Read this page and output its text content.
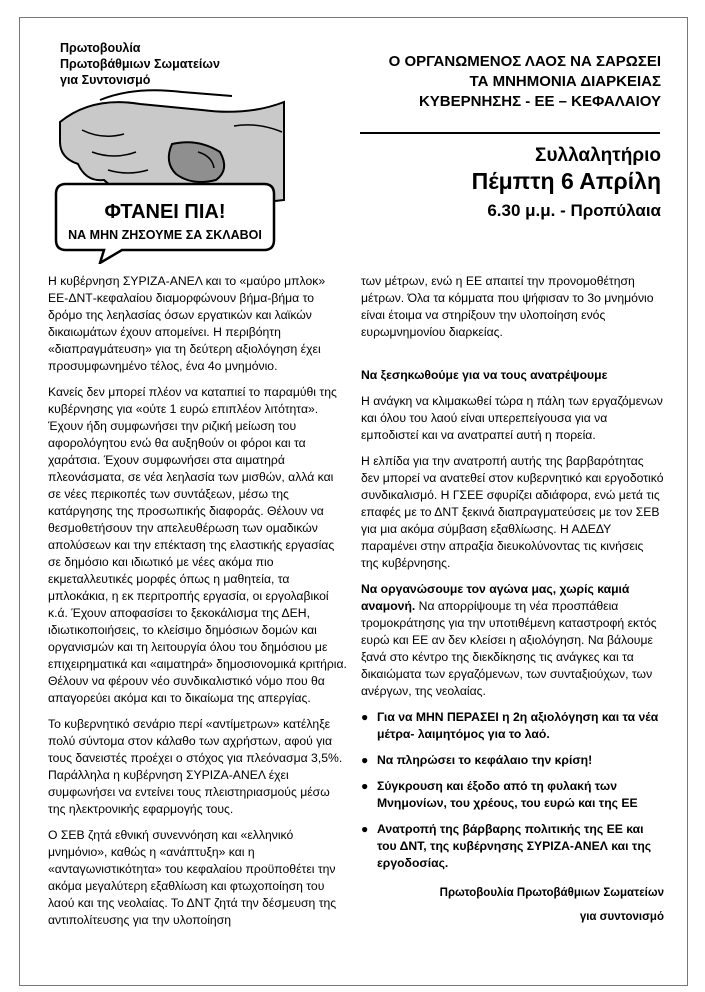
Πρωτοβουλία
Πρωτοβάθμιων Σωματείων
για Συντονισμό
ΦΤΑΝΕΙ ΠΙΑ!
ΝΑ ΜΗΝ ΖΗΣΟΥΜΕ ΣΑ ΣΚΛΑΒΟΙ
Ο ΟΡΓΑΝΩΜΕΝΟΣ ΛΑΟΣ ΝΑ ΣΑΡΩΣΕΙ
ΤΑ ΜΝΗΜΟΝΙΑ ΔΙΑΡΚΕΙΑΣ
ΚΥΒΕΡΝΗΣΗΣ - ΕΕ – ΚΕΦΑΛΑΙΟΥ
Συλλαλητήριο
Πέμπτη 6 Απρίλη
6.30 μ.μ. - Προπύλαια

Η κυβέρνηση ΣΥΡΙΖΑ-ΑΝΕΛ και το «μαύρο μπλοκ» ΕΕ-ΔΝΤ-κεφαλαίου διαμορφώνουν βήμα-βήμα το δρόμο της λεηλασίας όσων εργατικών και λαϊκών δικαιωμάτων έχουν απομείνει. Η περιβόητη «διαπραγμάτευση» για τη δεύτερη αξιολόγηση έχει προσυμφωνημένο τέλος, ένα 4ο μνημόνιο.

Κανείς δεν μπορεί πλέον να καταπιεί το παραμύθι της κυβέρνησης για «ούτε 1 ευρώ επιπλέον λιτότητα». Έχουν ήδη συμφωνήσει την ριζική μείωση του αφορολόγητου ενώ θα αυξηθούν οι φόροι και τα χαράτσια. Έχουν συμφωνήσει στα αιματηρά πλεονάσματα, σε νέα λεηλασία των μισθών, αλλά και σε νέες περικοπές των συντάξεων, μέσω της κατάργησης της προσωπικής διαφοράς. Θέλουν να θεσμοθετήσουν την απελευθέρωση των ομαδικών απολύσεων και την επέκταση της ελαστικής εργασίας σε δημόσιο και ιδιωτικό με νέες ακόμα πιο εκμεταλλευτικές μορφές όπως η μαθητεία, τα μπλοκάκια, η εκ περιτροπής εργασία, οι εργολαβικοί κ.ά. Έχουν αποφασίσει το ξεκοκάλισμα της ΔΕΗ, ιδιωτικοποιήσεις, το κλείσιμο δημόσιων δομών και οργανισμών και τη λειτουργία όλου του δημόσιου με επιχειρηματικά και «αιματηρά» δημοσιονομικά κριτήρια. Θέλουν να φέρουν νέο συνδικαλιστικό νόμο που θα απαγορεύει ακόμα και το δικαίωμα της απεργίας.

Το κυβερνητικό σενάριο περί «αντίμετρων» κατέληξε πολύ σύντομα στον κάλαθο των αχρήστων, αφού για τους δανειστές προέχει ο στόχος για πλεόνασμα 3,5%. Παράλληλα η κυβέρνηση ΣΥΡΙΖΑ-ΑΝΕΛ έχει συμφωνήσει να εντείνει τους πλειστηριασμούς μέσω της ηλεκτρονικής εφαρμογής τους.

Ο ΣΕΒ ζητά εθνική συνεννόηση και «ελληνικό μνημόνιο», καθώς η «ανάπτυξη» και η «ανταγωνιστικότητα» του κεφαλαίου προϋποθέτει την ακόμα μεγαλύτερη εξαθλίωση και φτωχοποίηση του λαού και της νεολαίας. Το ΔΝΤ ζητά την δέσμευση της αντιπολίτευσης για την υλοποίηση

των μέτρων, ενώ η ΕΕ απαιτεί την προνομοθέτηση μέτρων. Όλα τα κόμματα που ψήφισαν το 3ο μνημόνιο είναι έτοιμα να στηρίξουν την υλοποίηση ενός ευρωμνημονίου διαρκείας.

Να ξεσηκωθούμε για να τους ανατρέψουμε

Η ανάγκη να κλιμακωθεί τώρα η πάλη των εργαζόμενων και όλου του λαού είναι υπερεπείγουσα για να εμποδιστεί και να ανατραπεί αυτή η πορεία.

Η ελπίδα για την ανατροπή αυτής της βαρβαρότητας δεν μπορεί να ανατεθεί στον κυβερνητικό και εργοδοτικό συνδικαλισμό. Η ΓΣΕΕ σφυρίζει αδιάφορα, ενώ μετά τις επαφές με το ΔΝΤ ξεκινά διαπραγματεύσεις με τον ΣΕΒ για μια ακόμα σύμβαση εξαθλίωσης. Η ΑΔΕΔΥ παραμένει στην απραξία διευκολύνοντας τις κινήσεις της κυβέρνησης.

Να οργανώσουμε τον αγώνα μας, χωρίς καμιά αναμονή. Να απορρίψουμε τη νέα προσπάθεια τρομοκράτησης για την υποτιθέμενη καταστροφή εκτός ευρώ και ΕΕ αν δεν κλείσει η αξιολόγηση. Να βάλουμε ξανά στο κέντρο της διεκδίκησης τις ανάγκες και τα δικαιώματα των εργαζόμενων, των συνταξιούχων, των ανέργων, της νεολαίας.

● Για να ΜΗΝ ΠΕΡΑΣΕΙ η 2η αξιολόγηση και τα νέα μέτρα- λαιμητόμος για το λαό.

● Να πληρώσει το κεφάλαιο την κρίση!

● Σύγκρουση και έξοδο από τη φυλακή των Μνημονίων, του χρέους, του ευρώ και της ΕΕ

● Ανατροπή της βάρβαρης πολιτικής της ΕΕ και του ΔΝΤ, της κυβέρνησης ΣΥΡΙΖΑ-ΑΝΕΛ και της εργοδοσίας.

Πρωτοβουλία Πρωτοβάθμιων Σωματείων
για συντονισμό
